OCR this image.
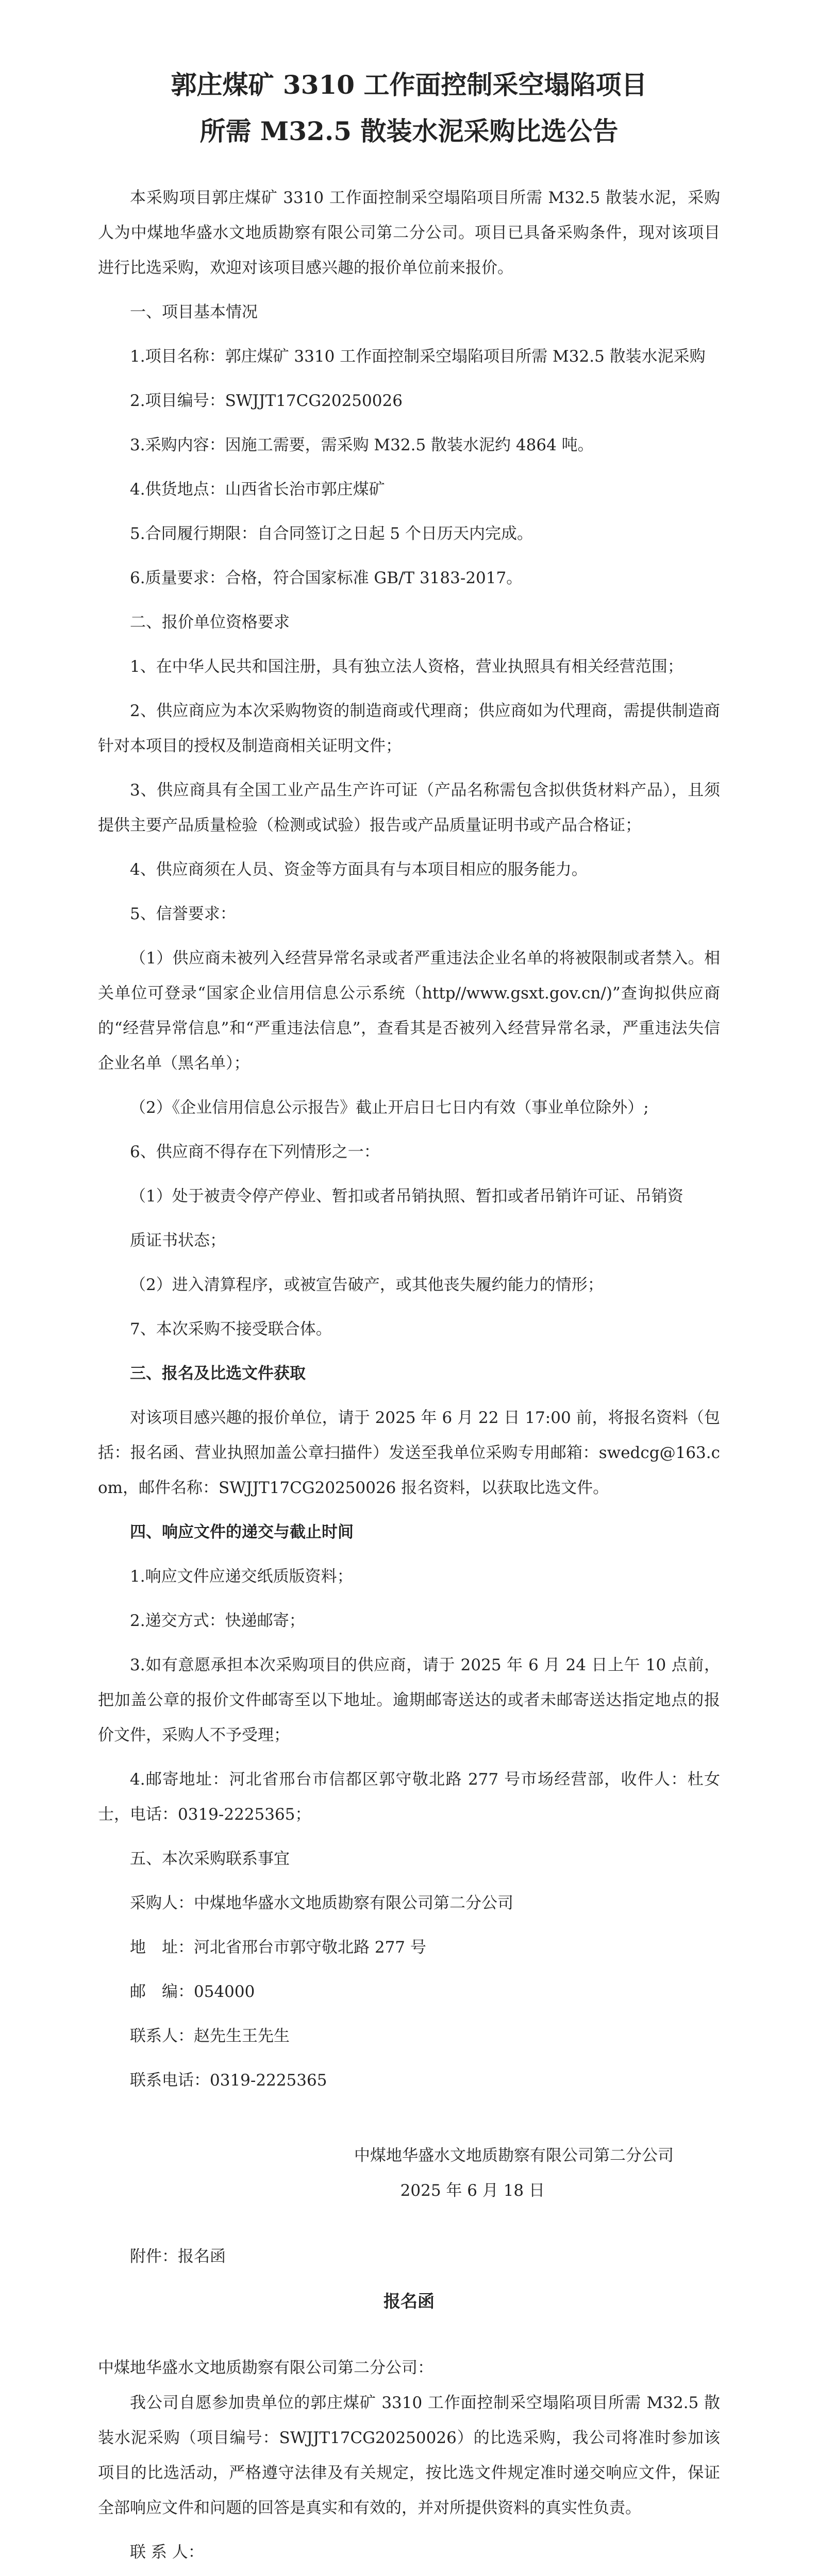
郭庄煤矿 3310 工作面控制采空塌陷项目

所需 M32.5 散装水泥采购比选公告

本采购项目郭庄煤矿 3310 工作面控制采空塌陷项目所需 M32.5 散装水泥，采购人为中煤地华盛水文地质勘察有限公司第二分公司。项目已具备采购条件，现对该项目进行比选采购，欢迎对该项目感兴趣的报价单位前来报价。

一、项目基本情况

1.项目名称：郭庄煤矿 3310 工作面控制采空塌陷项目所需 M32.5 散装水泥采购

2.项目编号：SWJJT17CG20250026

3.采购内容：因施工需要，需采购 M32.5 散装水泥约 4864 吨。

4.供货地点：山西省长治市郭庄煤矿

5.合同履行期限：自合同签订之日起 5 个日历天内完成。

6.质量要求：合格，符合国家标准 GB/T 3183-2017。

二、报价单位资格要求

1、在中华人民共和国注册，具有独立法人资格，营业执照具有相关经营范围；

2、供应商应为本次采购物资的制造商或代理商；供应商如为代理商，需提供制造商针对本项目的授权及制造商相关证明文件；

3、供应商具有全国工业产品生产许可证（产品名称需包含拟供货材料产品），且须提供主要产品质量检验（检测或试验）报告或产品质量证明书或产品合格证；

4、供应商须在人员、资金等方面具有与本项目相应的服务能力。

5、信誉要求：

（1）供应商未被列入经营异常名录或者严重违法企业名单的将被限制或者禁入。相关单位可登录“国家企业信用信息公示系统（http//www.gsxt.gov.cn/)”查询拟供应商的“经营异常信息”和“严重违法信息”，查看其是否被列入经营异常名录，严重违法失信企业名单（黑名单）；

（2）《企业信用信息公示报告》截止开启日七日内有效（事业单位除外）;

6、供应商不得存在下列情形之一：

（1）处于被责令停产停业、暂扣或者吊销执照、暂扣或者吊销许可证、吊销资

质证书状态；

（2）进入清算程序，或被宣告破产，或其他丧失履约能力的情形；

7、本次采购不接受联合体。

三、报名及比选文件获取

对该项目感兴趣的报价单位，请于 2025 年 6 月 22 日 17:00 前，将报名资料（包括：报名函、营业执照加盖公章扫描件）发送至我单位采购专用邮箱：swedcg@163.com，邮件名称：SWJJT17CG20250026 报名资料，以获取比选文件。

四、响应文件的递交与截止时间

1.响应文件应递交纸质版资料；

2.递交方式：快递邮寄；

3.如有意愿承担本次采购项目的供应商，请于 2025 年 6 月 24 日上午 10 点前，把加盖公章的报价文件邮寄至以下地址。逾期邮寄送达的或者未邮寄送达指定地点的报价文件，采购人不予受理；

4.邮寄地址：河北省邢台市信都区郭守敬北路 277 号市场经营部，收件人：杜女士，电话：0319-2225365；

五、本次采购联系事宜

采购人：中煤地华盛水文地质勘察有限公司第二分公司

地　址：河北省邢台市郭守敬北路 277 号

邮　编：054000

联系人：赵先生王先生

联系电话：0319-2225365

中煤地华盛水文地质勘察有限公司第二分公司

2025 年 6 月 18 日

附件：报名函

报名函

中煤地华盛水文地质勘察有限公司第二分公司：

我公司自愿参加贵单位的郭庄煤矿 3310 工作面控制采空塌陷项目所需 M32.5 散装水泥采购（项目编号：SWJJT17CG20250026）的比选采购，我公司将准时参加该项目的比选活动，严格遵守法律及有关规定，按比选文件规定准时递交响应文件，保证全部响应文件和问题的回答是真实和有效的，并对所提供资料的真实性负责。

联 系 人：
